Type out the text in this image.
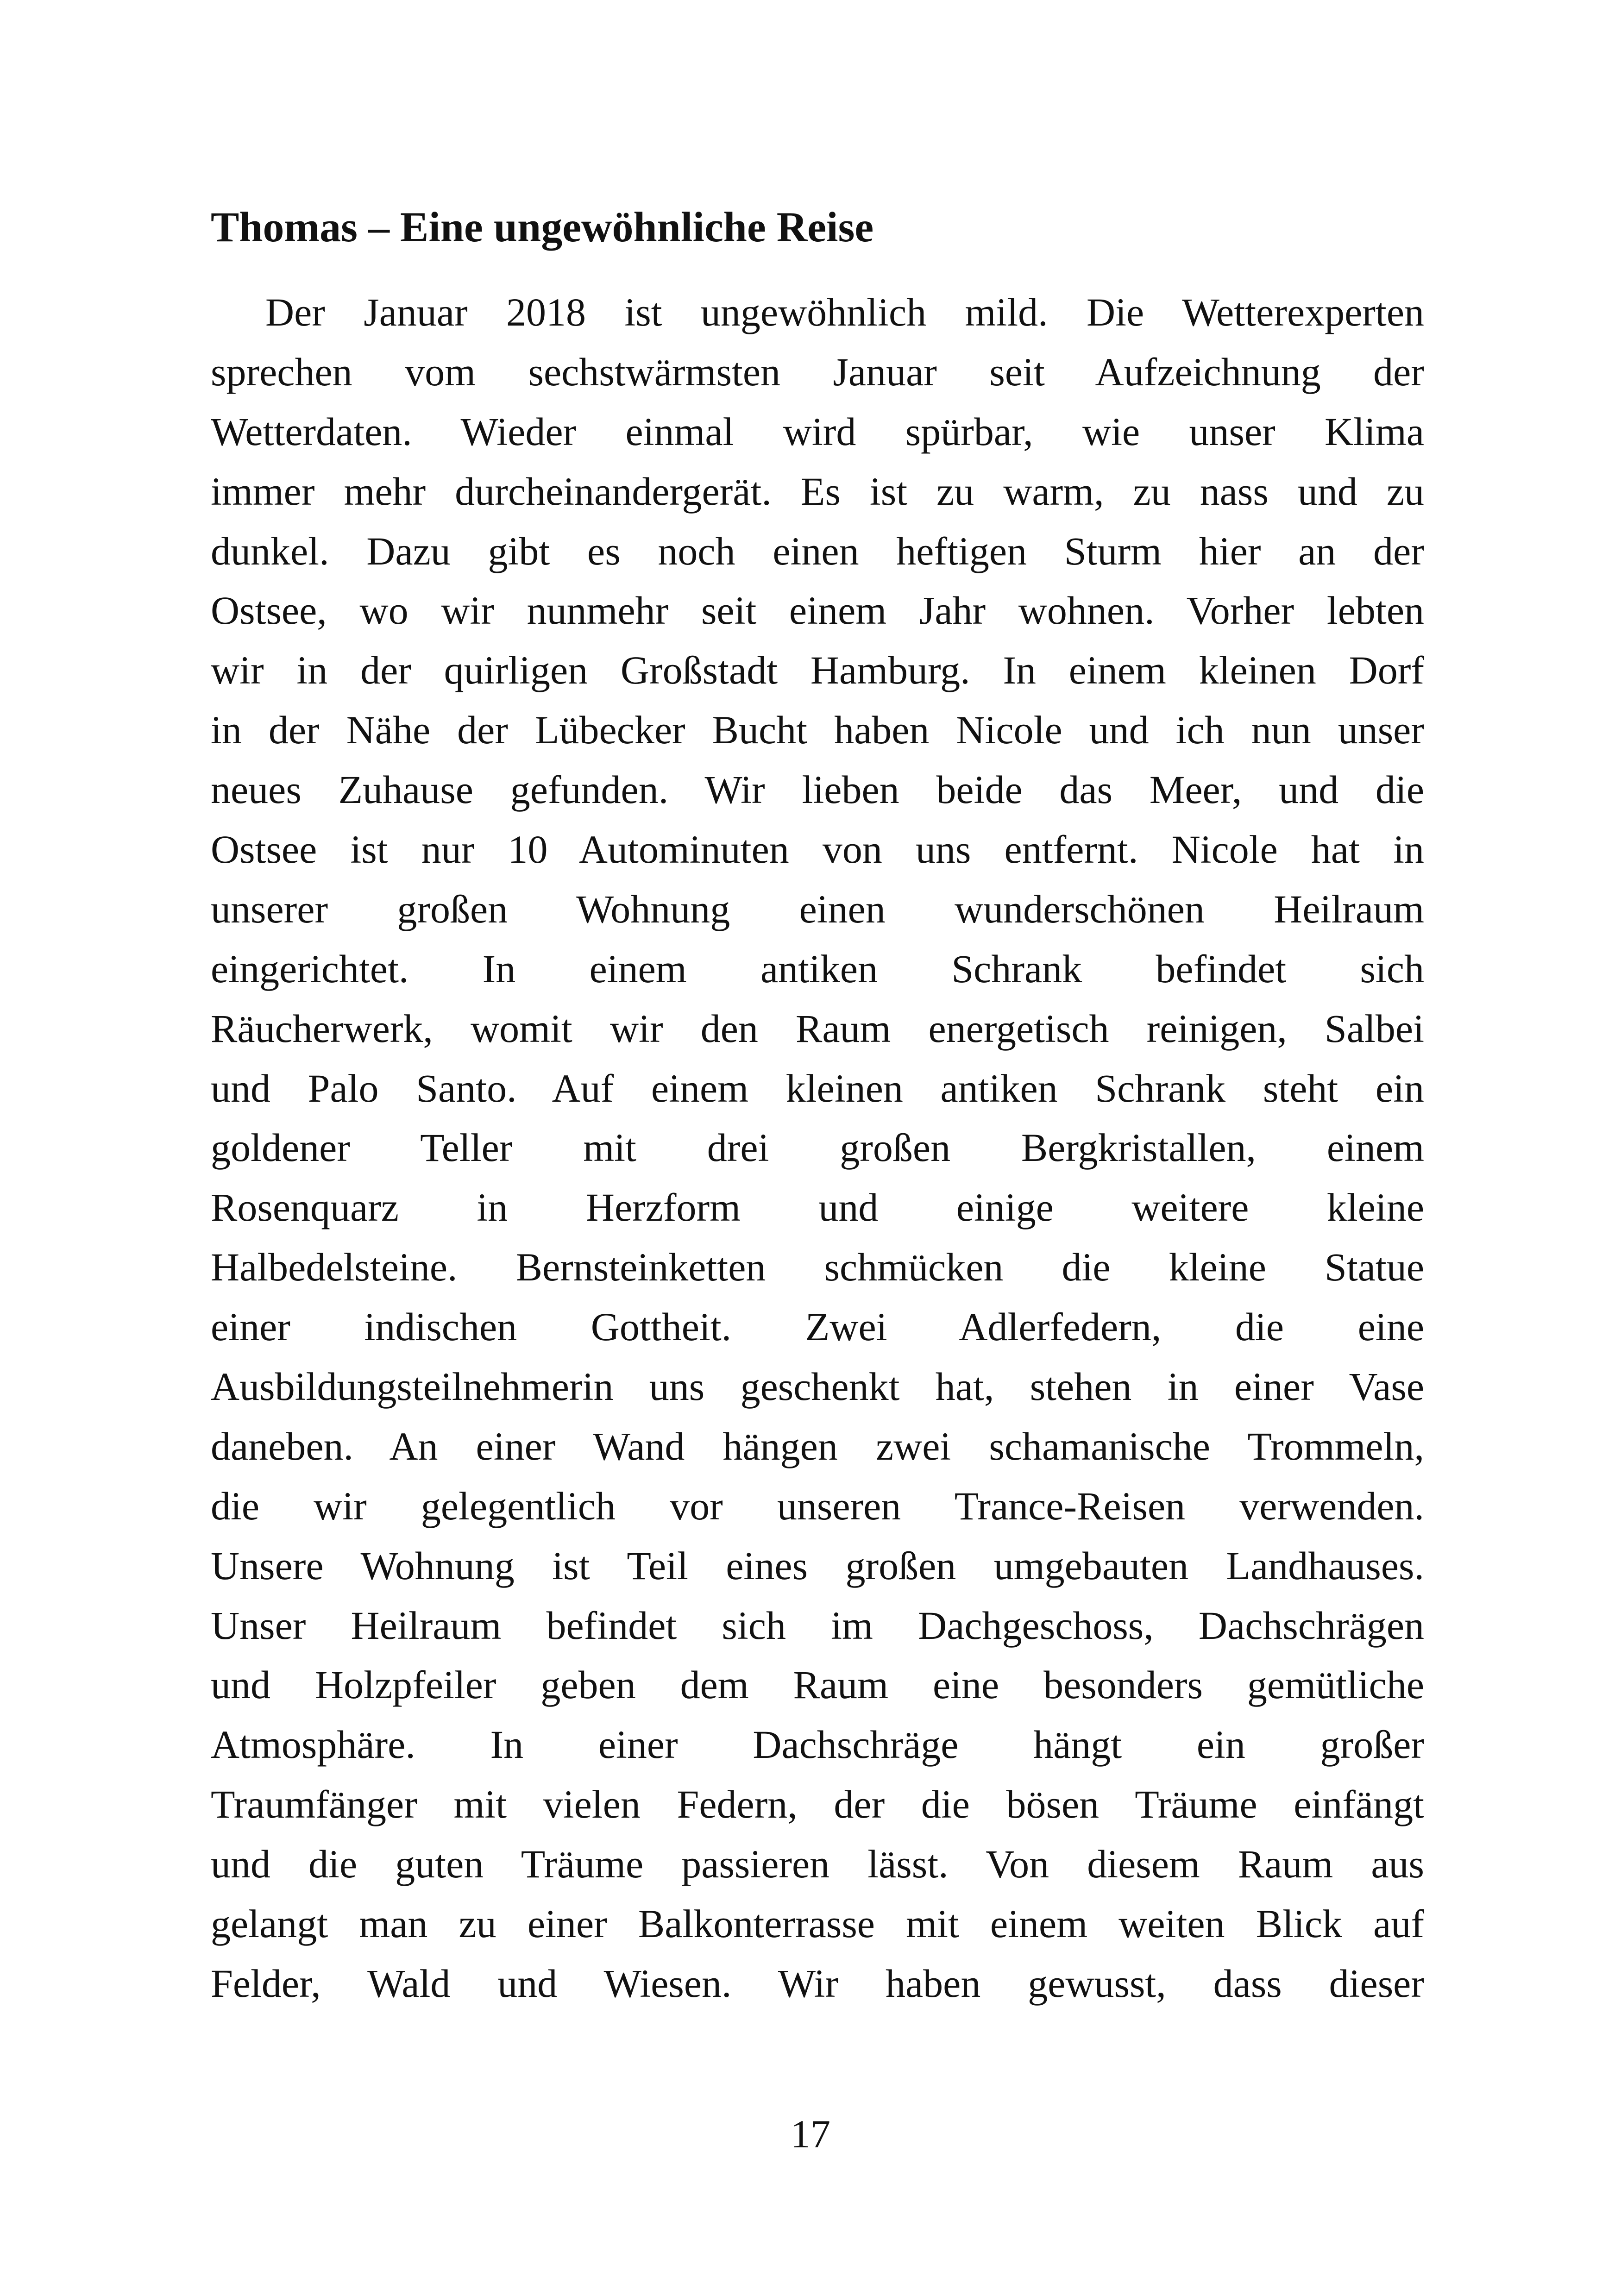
Thomas – Eine ungewöhnliche Reise
Der Januar 2018 ist ungewöhnlich mild. Die Wetterexperten
sprechen vom sechstwärmsten Januar seit Aufzeichnung der
Wetterdaten. Wieder einmal wird spürbar, wie unser Klima
immer mehr durcheinandergerät. Es ist zu warm, zu nass und zu
dunkel. Dazu gibt es noch einen heftigen Sturm hier an der
Ostsee, wo wir nunmehr seit einem Jahr wohnen. Vorher lebten
wir in der quirligen Großstadt Hamburg. In einem kleinen Dorf
in der Nähe der Lübecker Bucht haben Nicole und ich nun unser
neues Zuhause gefunden. Wir lieben beide das Meer, und die
Ostsee ist nur 10 Autominuten von uns entfernt. Nicole hat in
unserer großen Wohnung einen wunderschönen Heilraum
eingerichtet. In einem antiken Schrank befindet sich
Räucherwerk, womit wir den Raum energetisch reinigen, Salbei
und Palo Santo. Auf einem kleinen antiken Schrank steht ein
goldener Teller mit drei großen Bergkristallen, einem
Rosenquarz in Herzform und einige weitere kleine
Halbedelsteine. Bernsteinketten schmücken die kleine Statue
einer indischen Gottheit. Zwei Adlerfedern, die eine
Ausbildungsteilnehmerin uns geschenkt hat, stehen in einer Vase
daneben. An einer Wand hängen zwei schamanische Trommeln,
die wir gelegentlich vor unseren Trance-Reisen verwenden.
Unsere Wohnung ist Teil eines großen umgebauten Landhauses.
Unser Heilraum befindet sich im Dachgeschoss, Dachschrägen
und Holzpfeiler geben dem Raum eine besonders gemütliche
Atmosphäre. In einer Dachschräge hängt ein großer
Traumfänger mit vielen Federn, der die bösen Träume einfängt
und die guten Träume passieren lässt. Von diesem Raum aus
gelangt man zu einer Balkonterrasse mit einem weiten Blick auf
Felder, Wald und Wiesen. Wir haben gewusst, dass dieser
17
